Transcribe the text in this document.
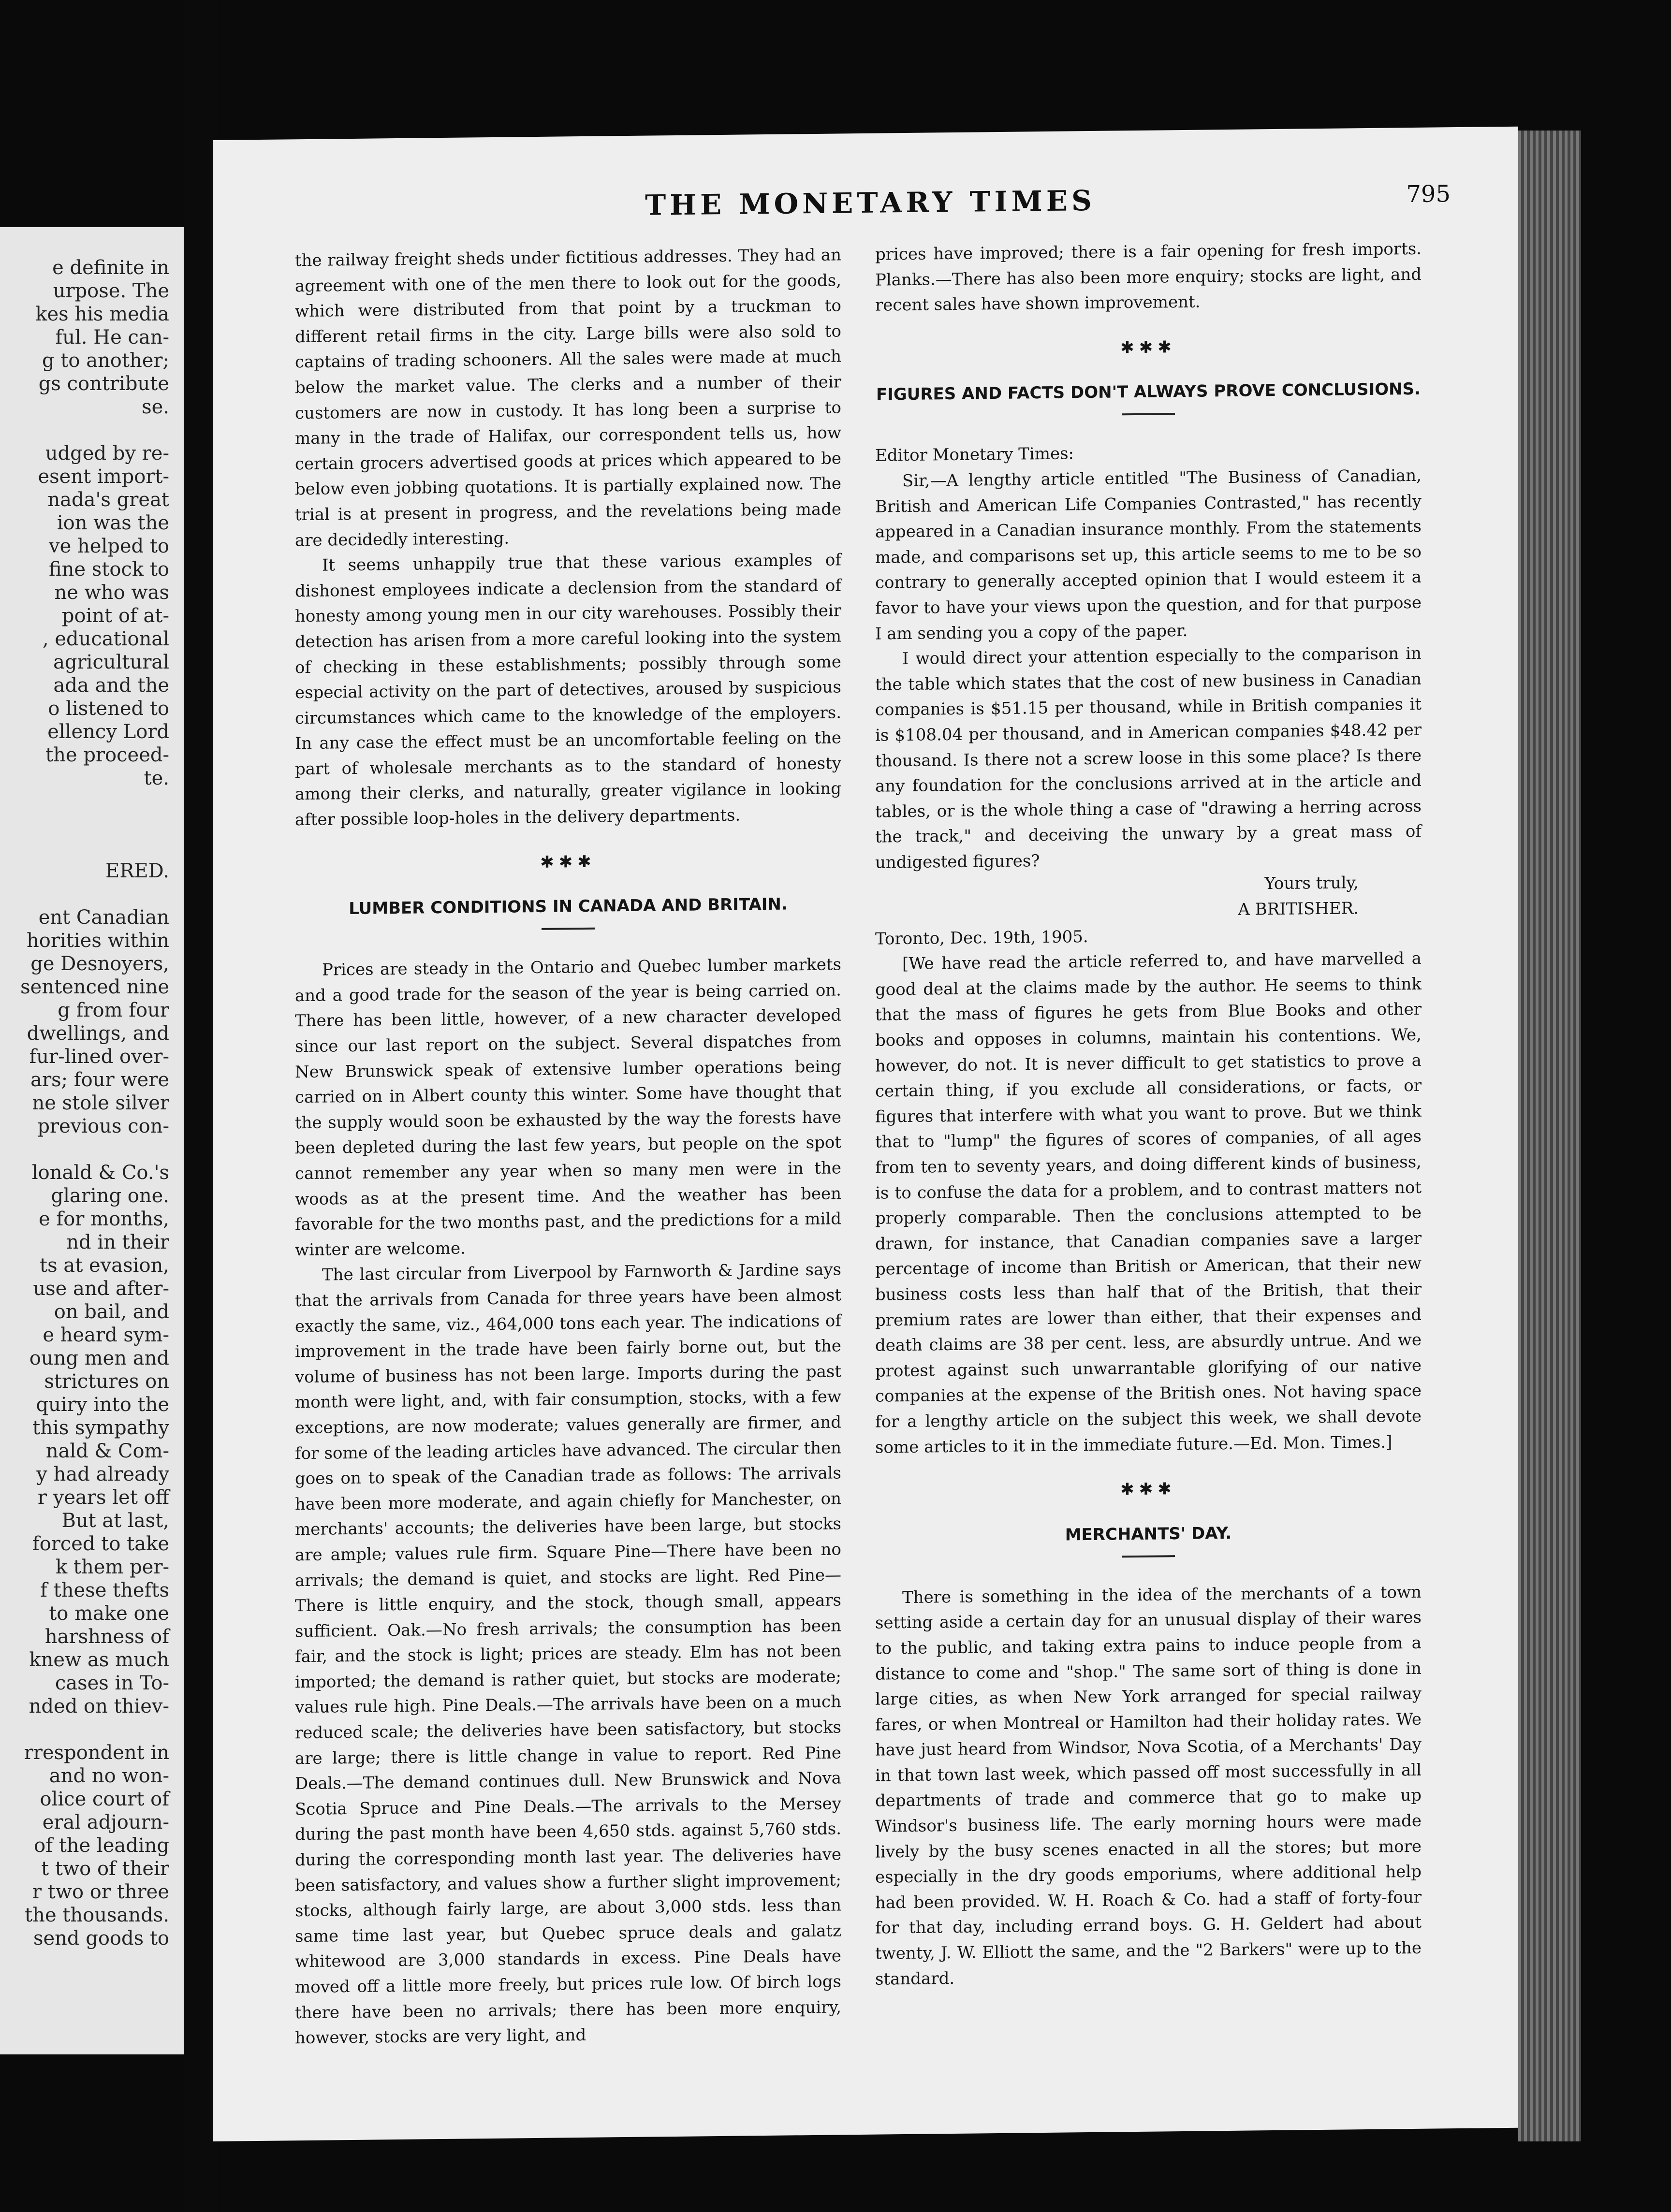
e definite in

urpose. The

kes his media

ful. He can-

g to another;

gs contribute

se.

udged by re-

esent import-

nada's great

ion was the

ve helped to

fine stock to

ne who was

point of at-

, educational

agricultural

ada and the

o listened to

ellency Lord

the proceed-

te.

ERED.

ent Canadian

horities within

ge Desnoyers,

sentenced nine

g from four

dwellings, and

fur-lined over-

ars; four were

ne stole silver

previous con-

lonald & Co.'s

glaring one.

e for months,

nd in their

ts at evasion,

use and after-

on bail, and

e heard sym-

oung men and

strictures on

quiry into the

this sympathy

nald & Com-

y had already

r years let off

But at last,

forced to take

k them per-

f these thefts

to make one

harshness of

knew as much

cases in To-

nded on thiev-

rrespondent in

and no won-

olice court of

eral adjourn-

of the leading

t two of their

r two or three

the thousands.

send goods to

THE MONETARY TIMES	795

the railway freight sheds under fictitious addresses. They had an agreement with one of the men there to look out for the goods, which were distributed from that point by a truckman to different retail firms in the city. Large bills were also sold to captains of trading schooners. All the sales were made at much below the market value. The clerks and a number of their customers are now in custody. It has long been a surprise to many in the trade of Halifax, our correspondent tells us, how certain grocers advertised goods at prices which appeared to be below even jobbing quotations. It is partially explained now. The trial is at present in progress, and the revelations being made are decidedly interesting.

It seems unhappily true that these various examples of dishonest employees indicate a declension from the standard of honesty among young men in our city warehouses. Possibly their detection has arisen from a more careful looking into the system of checking in these establishments; possibly through some especial activity on the part of detectives, aroused by suspicious circumstances which came to the knowledge of the employers. In any case the effect must be an uncomfortable feeling on the part of wholesale merchants as to the standard of honesty among their clerks, and naturally, greater vigilance in looking after possible loop-holes in the delivery departments.

✱✱✱
LUMBER CONDITIONS IN CANADA AND BRITAIN.

Prices are steady in the Ontario and Quebec lumber markets and a good trade for the season of the year is being carried on. There has been little, however, of a new character developed since our last report on the subject. Several dispatches from New Brunswick speak of extensive lumber operations being carried on in Albert county this winter. Some have thought that the supply would soon be exhausted by the way the forests have been depleted during the last few years, but people on the spot cannot remember any year when so many men were in the woods as at the present time. And the weather has been favorable for the two months past, and the predictions for a mild winter are welcome.

The last circular from Liverpool by Farnworth & Jardine says that the arrivals from Canada for three years have been almost exactly the same, viz., 464,000 tons each year. The indications of improvement in the trade have been fairly borne out, but the volume of business has not been large. Imports during the past month were light, and, with fair consumption, stocks, with a few exceptions, are now moderate; values generally are firmer, and for some of the leading articles have advanced. The circular then goes on to speak of the Canadian trade as follows: The arrivals have been more moderate, and again chiefly for Manchester, on merchants' accounts; the deliveries have been large, but stocks are ample; values rule firm. Square Pine—There have been no arrivals; the demand is quiet, and stocks are light. Red Pine—There is little enquiry, and the stock, though small, appears sufficient. Oak.—No fresh arrivals; the consumption has been fair, and the stock is light; prices are steady. Elm has not been imported; the demand is rather quiet, but stocks are moderate; values rule high. Pine Deals.—The arrivals have been on a much reduced scale; the deliveries have been satisfactory, but stocks are large; there is little change in value to report. Red Pine Deals.—The demand continues dull. New Brunswick and Nova Scotia Spruce and Pine Deals.—The arrivals to the Mersey during the past month have been 4,650 stds. against 5,760 stds. during the corresponding month last year. The deliveries have been satisfactory, and values show a further slight improvement; stocks, although fairly large, are about 3,000 stds. less than same time last year, but Quebec spruce deals and galatz whitewood are 3,000 standards in excess. Pine Deals have moved off a little more freely, but prices rule low. Of birch logs there have been no arrivals; there has been more enquiry, however, stocks are very light, and

prices have improved; there is a fair opening for fresh imports. Planks.—There has also been more enquiry; stocks are light, and recent sales have shown improvement.

✱✱✱
FIGURES AND FACTS DON'T ALWAYS PROVE CONCLUSIONS.

Editor Monetary Times:

Sir,—A lengthy article entitled "The Business of Canadian, British and American Life Companies Contrasted," has recently appeared in a Canadian insurance monthly. From the statements made, and comparisons set up, this article seems to me to be so contrary to generally accepted opinion that I would esteem it a favor to have your views upon the question, and for that purpose I am sending you a copy of the paper.

I would direct your attention especially to the comparison in the table which states that the cost of new business in Canadian companies is $51.15 per thousand, while in British companies it is $108.04 per thousand, and in American companies $48.42 per thousand. Is there not a screw loose in this some place? Is there any foundation for the conclusions arrived at in the article and tables, or is the whole thing a case of "drawing a herring across the track," and deceiving the unwary by a great mass of undigested figures?

Yours truly,

A BRITISHER.

Toronto, Dec. 19th, 1905.

[We have read the article referred to, and have marvelled a good deal at the claims made by the author. He seems to think that the mass of figures he gets from Blue Books and other books and opposes in columns, maintain his contentions. We, however, do not. It is never difficult to get statistics to prove a certain thing, if you exclude all considerations, or facts, or figures that interfere with what you want to prove. But we think that to "lump" the figures of scores of companies, of all ages from ten to seventy years, and doing different kinds of business, is to confuse the data for a problem, and to contrast matters not properly comparable. Then the conclusions attempted to be drawn, for instance, that Canadian companies save a larger percentage of income than British or American, that their new business costs less than half that of the British, that their premium rates are lower than either, that their expenses and death claims are 38 per cent. less, are absurdly untrue. And we protest against such unwarrantable glorifying of our native companies at the expense of the British ones. Not having space for a lengthy article on the subject this week, we shall devote some articles to it in the immediate future.—Ed. Mon. Times.]

✱✱✱
MERCHANTS' DAY.

There is something in the idea of the merchants of a town setting aside a certain day for an unusual display of their wares to the public, and taking extra pains to induce people from a distance to come and "shop." The same sort of thing is done in large cities, as when New York arranged for special railway fares, or when Montreal or Hamilton had their holiday rates. We have just heard from Windsor, Nova Scotia, of a Merchants' Day in that town last week, which passed off most successfully in all departments of trade and commerce that go to make up Windsor's business life. The early morning hours were made lively by the busy scenes enacted in all the stores; but more especially in the dry goods emporiums, where additional help had been provided. W. H. Roach & Co. had a staff of forty-four for that day, including errand boys. G. H. Geldert had about twenty, J. W. Elliott the same, and the "2 Barkers" were up to the standard.
